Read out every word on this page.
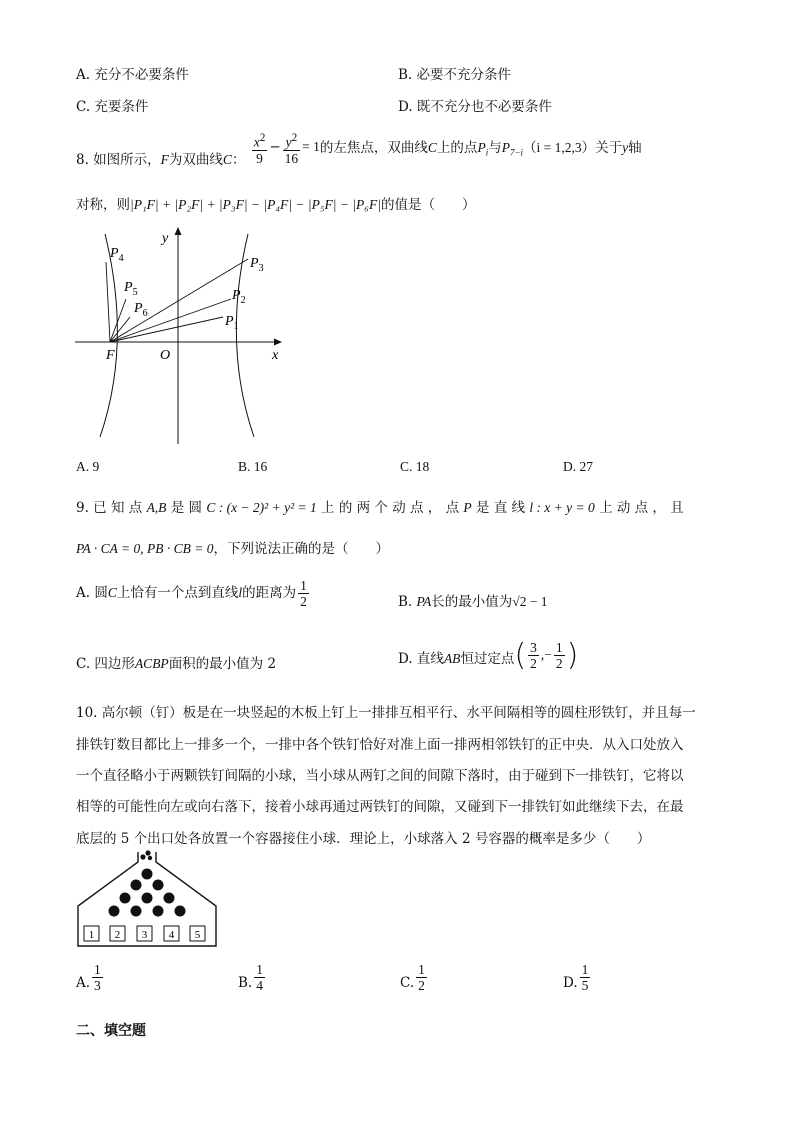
A. 充分不必要条件	B. 必要不充分条件
C. 充要条件	D. 既不充分也不必要条件
8. 如图所示，F为双曲线C： $\frac{x^2}{9} - \frac{y^2}{16} = 1$的左焦点，双曲线C上的点$P_i$与$P_{7-i}(i = 1,2,3)$关于y轴
对称，则|P₁F| + |P₂F| + |P₃F| − |P₄F| − |P₅F| − |P₆F|的值是（　　）
y
x
O
F
$P_4$
$P_5$
$P_6$
$P_3$
$P_2$
$P_1$
A. 9	B. 16	C. 18	D. 27
9. 已 知 点 A,B 是 圆 C : (x − 2)² + y² = 1 上 的 两 个 动 点 ， 点 P 是 直 线 l : x + y = 0 上 动 点 ， 且
PA · CA = 0, PB · CB = 0，下列说法正确的是（　　）
A. 圆C上恰有一个点到直线l的距离为 $\frac{1}{2}$	B. PA长的最小值为√2 − 1
C. 四边形ACBP面积的最小值为 2	D. 直线AB恒过定点( $\frac{3}{2}$ ,− $\frac{1}{2}$ )
10. 高尔顿（钉）板是在一块竖起的木板上钉上一排排互相平行、水平间隔相等的圆柱形铁钉，并且每一
排铁钉数目都比上一排多一个，一排中各个铁钉恰好对准上面一排两相邻铁钉的正中央．从入口处放入
一个直径略小于两颗铁钉间隔的小球，当小球从两钉之间的间隙下落时，由于碰到下一排铁钉，它将以
相等的可能性向左或向右落下，接着小球再通过两铁钉的间隙，又碰到下一排铁钉如此继续下去，在最
底层的 5 个出口处各放置一个容器接住小球．理论上，小球落入 2 号容器的概率是多少（　　）
1 2 3 4 5
A. $\frac{1}{3}$	B. $\frac{1}{4}$	C. $\frac{1}{2}$	D. $\frac{1}{5}$
二、填空题
